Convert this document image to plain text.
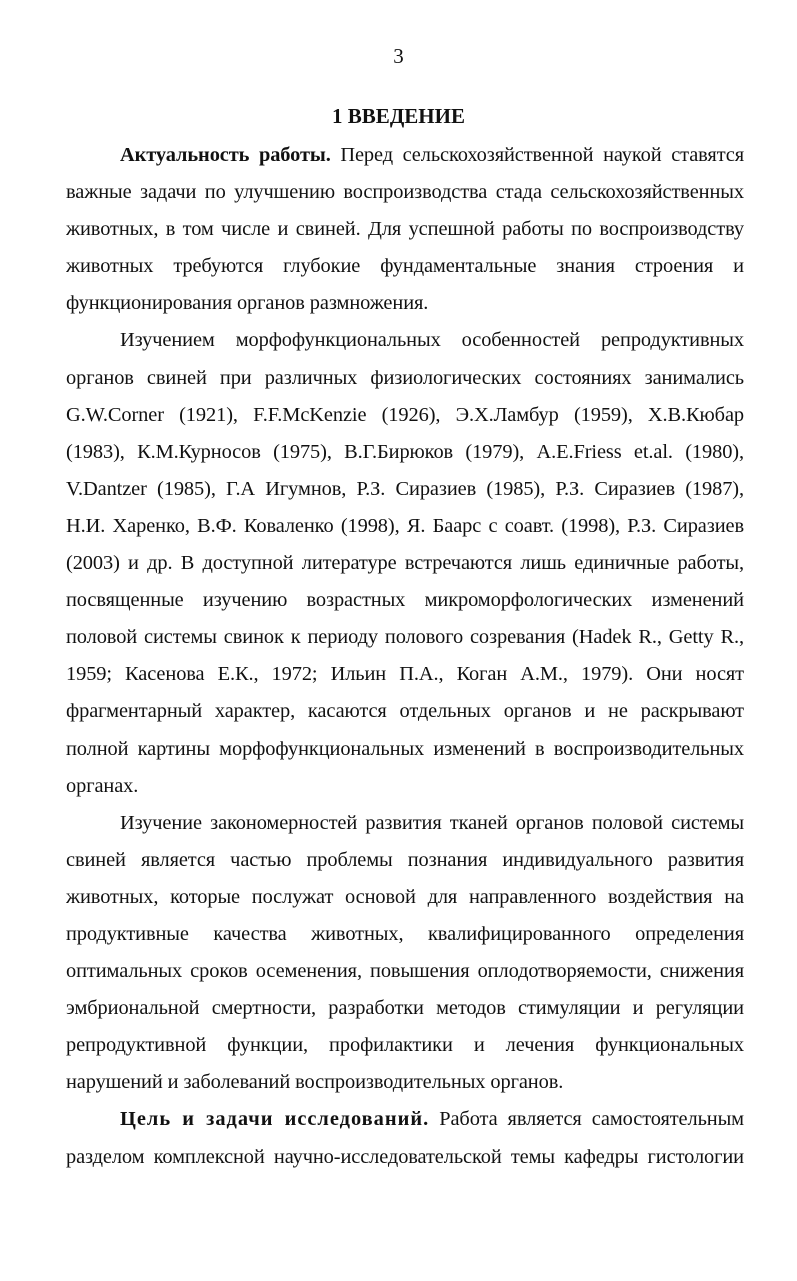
3
1 ВВЕДЕНИЕ
Актуальность работы. Перед сельскохозяйственной наукой ставятся
важные задачи по улучшению воспроизводства стада сельскохозяйственных
животных, в том числе и свиней. Для успешной работы по воспроизводству
животных требуются глубокие фундаментальные знания строения и
функционирования органов размножения.
Изучением морфофункциональных особенностей репродуктивных
органов свиней при различных физиологических состояниях занимались
G.W.Corner (1921), F.F.McKenzie (1926), Э.Х.Ламбур (1959), Х.В.Кюбар
(1983), К.М.Курносов (1975), В.Г.Бирюков (1979), A.E.Friess et.al. (1980),
V.Dantzer (1985), Г.А Игумнов, Р.З. Сиразиев (1985), Р.З. Сиразиев (1987),
Н.И. Харенко, В.Ф. Коваленко (1998), Я. Баарс с соавт. (1998), Р.З. Сиразиев
(2003) и др. В доступной литературе встречаются лишь единичные работы,
посвященные изучению возрастных микроморфологических изменений
половой системы свинок к периоду полового созревания (Hadek R., Getty R.,
1959; Касенова Е.К., 1972; Ильин П.А., Коган А.М., 1979). Они носят
фрагментарный характер, касаются отдельных органов и не раскрывают
полной картины морфофункциональных изменений в воспроизводительных
органах.
Изучение закономерностей развития тканей органов половой системы
свиней является частью проблемы познания индивидуального развития
животных, которые послужат основой для направленного воздействия на
продуктивные качества животных, квалифицированного определения
оптимальных сроков осеменения, повышения оплодотворяемости, снижения
эмбриональной смертности, разработки методов стимуляции и регуляции
репродуктивной функции, профилактики и лечения функциональных
нарушений и заболеваний воспроизводительных органов.
Цель и задачи исследований. Работа является самостоятельным
разделом комплексной научно-исследовательской темы кафедры гистологии
